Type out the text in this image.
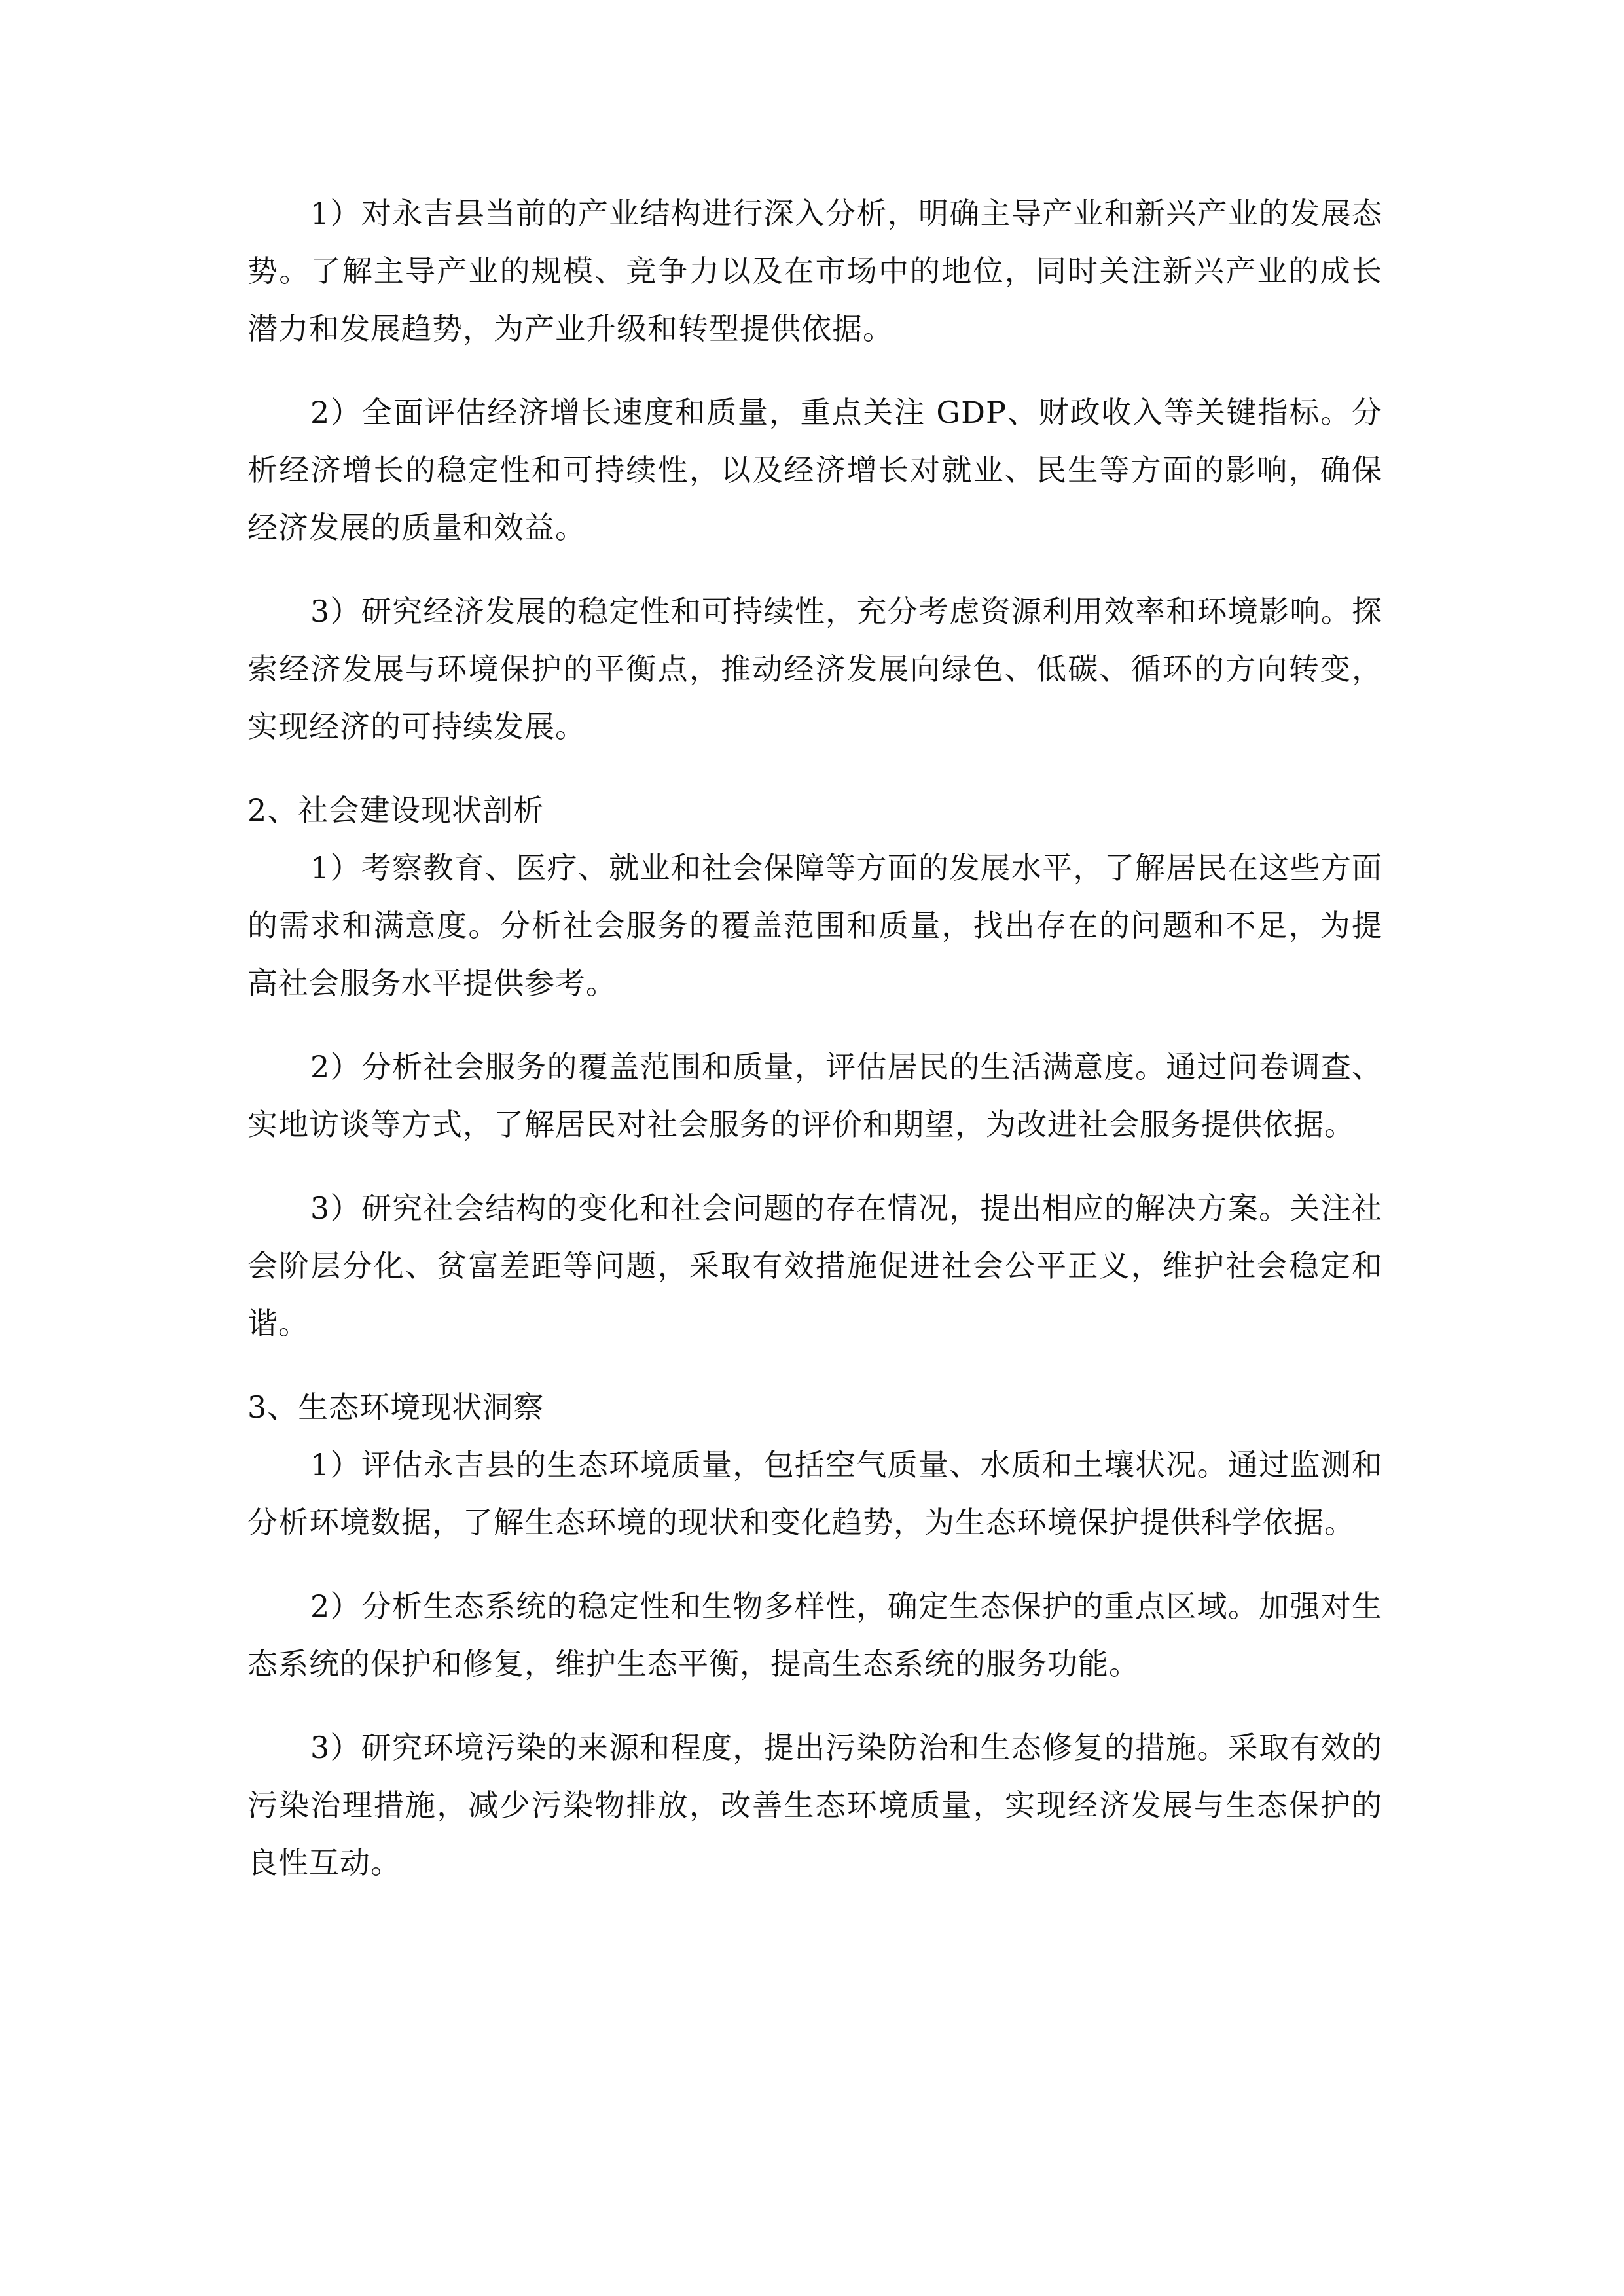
1）对永吉县当前的产业结构进行深入分析，明确主导产业和新兴产业的发展态势。了解主导产业的规模、竞争力以及在市场中的地位，同时关注新兴产业的成长潜力和发展趋势，为产业升级和转型提供依据。

2）全面评估经济增长速度和质量，重点关注 GDP、财政收入等关键指标。分析经济增长的稳定性和可持续性，以及经济增长对就业、民生等方面的影响，确保经济发展的质量和效益。

3）研究经济发展的稳定性和可持续性，充分考虑资源利用效率和环境影响。探索经济发展与环境保护的平衡点，推动经济发展向绿色、低碳、循环的方向转变，实现经济的可持续发展。

2、社会建设现状剖析

1）考察教育、医疗、就业和社会保障等方面的发展水平，了解居民在这些方面的需求和满意度。分析社会服务的覆盖范围和质量，找出存在的问题和不足，为提高社会服务水平提供参考。

2）分析社会服务的覆盖范围和质量，评估居民的生活满意度。通过问卷调查、实地访谈等方式，了解居民对社会服务的评价和期望，为改进社会服务提供依据。

3）研究社会结构的变化和社会问题的存在情况，提出相应的解决方案。关注社会阶层分化、贫富差距等问题，采取有效措施促进社会公平正义，维护社会稳定和谐。

3、生态环境现状洞察

1）评估永吉县的生态环境质量，包括空气质量、水质和土壤状况。通过监测和分析环境数据，了解生态环境的现状和变化趋势，为生态环境保护提供科学依据。

2）分析生态系统的稳定性和生物多样性，确定生态保护的重点区域。加强对生态系统的保护和修复，维护生态平衡，提高生态系统的服务功能。

3）研究环境污染的来源和程度，提出污染防治和生态修复的措施。采取有效的污染治理措施，减少污染物排放，改善生态环境质量，实现经济发展与生态保护的良性互动。
